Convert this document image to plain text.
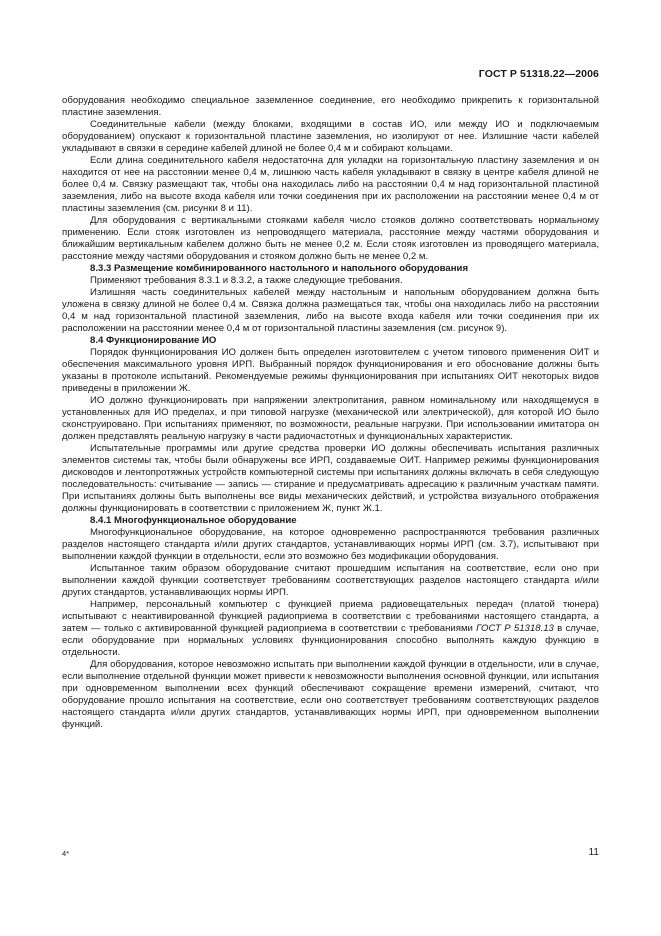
ГОСТ Р 51318.22—2006

оборудования необходимо специальное заземленное соединение, его необходимо прикрепить к горизонтальной пластине заземления.

Соединительные кабели (между блоками, входящими в состав ИО, или между ИО и подключаемым оборудованием) опускают к горизонтальной пластине заземления, но изолируют от нее. Излишние части кабелей укладывают в связки в середине кабелей длиной не более 0,4 м и собирают кольцами.

Если длина соединительного кабеля недостаточна для укладки на горизонтальную пластину заземления и он находится от нее на расстоянии менее 0,4 м, лишнюю часть кабеля укладывают в связку в центре кабеля длиной не более 0,4 м. Связку размещают так, чтобы она находилась либо на расстоянии 0,4 м над горизонтальной пластиной заземления, либо на высоте входа кабеля или точки соединения при их расположении на расстоянии менее 0,4 м от пластины заземления (см. рисунки 8 и 11).

Для оборудования с вертикальными стояками кабеля число стояков должно соответствовать нормальному применению. Если стояк изготовлен из непроводящего материала, расстояние между частями оборудования и ближайшим вертикальным кабелем должно быть не менее 0,2 м. Если стояк изготовлен из проводящего материала, расстояние между частями оборудования и стояком должно быть не менее 0,2 м.

8.3.3 Размещение комбинированного настольного и напольного оборудования

Применяют требования 8.3.1 и 8.3.2, а также следующие требования.

Излишняя часть соединительных кабелей между настольным и напольным оборудованием должна быть уложена в связку длиной не более 0,4 м. Связка должна размещаться так, чтобы она находилась либо на расстоянии 0,4 м над горизонтальной пластиной заземления, либо на высоте входа кабеля или точки соединения при их расположении на расстоянии менее 0,4 м от горизонтальной пластины заземления (см. рисунок 9).

8.4 Функционирование ИО

Порядок функционирования ИО должен быть определен изготовителем с учетом типового применения ОИТ и обеспечения максимального уровня ИРП. Выбранный порядок функционирования и его обоснование должны быть указаны в протоколе испытаний. Рекомендуемые режимы функционирования при испытаниях ОИТ некоторых видов приведены в приложении Ж.

ИО должно функционировать при напряжении электропитания, равном номинальному или находящемуся в установленных для ИО пределах, и при типовой нагрузке (механической или электрической), для которой ИО было сконструировано. При испытаниях применяют, по возможности, реальные нагрузки. При использовании имитатора он должен представлять реальную нагрузку в части радиочастотных и функциональных характеристик.

Испытательные программы или другие средства проверки ИО должны обеспечивать испытания различных элементов системы так, чтобы были обнаружены все ИРП, создаваемые ОИТ. Например режимы функционирования дисководов и лентопротяжных устройств компьютерной системы при испытаниях должны включать в себя следующую последовательность: считывание — запись — стирание и предусматривать адресацию к различным участкам памяти. При испытаниях должны быть выполнены все виды механических действий, и устройства визуального отображения должны функционировать в соответствии с приложением Ж, пункт Ж.1.

8.4.1 Многофункциональное оборудование

Многофункциональное оборудование, на которое одновременно распространяются требования различных разделов настоящего стандарта и/или других стандартов, устанавливающих нормы ИРП (см. 3.7), испытывают при выполнении каждой функции в отдельности, если это возможно без модификации оборудования.

Испытанное таким образом оборудование считают прошедшим испытания на соответствие, если оно при выполнении каждой функции соответствует требованиям соответствующих разделов настоящего стандарта и/или других стандартов, устанавливающих нормы ИРП.

Например, персональный компьютер с функцией приема радиовещательных передач (платой тюнера) испытывают с неактивированной функцией радиоприема в соответствии с требованиями настоящего стандарта, а затем — только с активированной функцией радиоприема в соответствии с требованиями ГОСТ Р 51318.13 в случае, если оборудование при нормальных условиях функционирования способно выполнять каждую функцию в отдельности.

Для оборудования, которое невозможно испытать при выполнении каждой функции в отдельности, или в случае, если выполнение отдельной функции может привести к невозможности выполнения основной функции, или испытания при одновременном выполнении всех функций обеспечивают сокращение времени измерений, считают, что оборудование прошло испытания на соответствие, если оно соответствует требованиям соответствующих разделов настоящего стандарта и/или других стандартов, устанавливающих нормы ИРП, при одновременном выполнении функций.

4*	11
